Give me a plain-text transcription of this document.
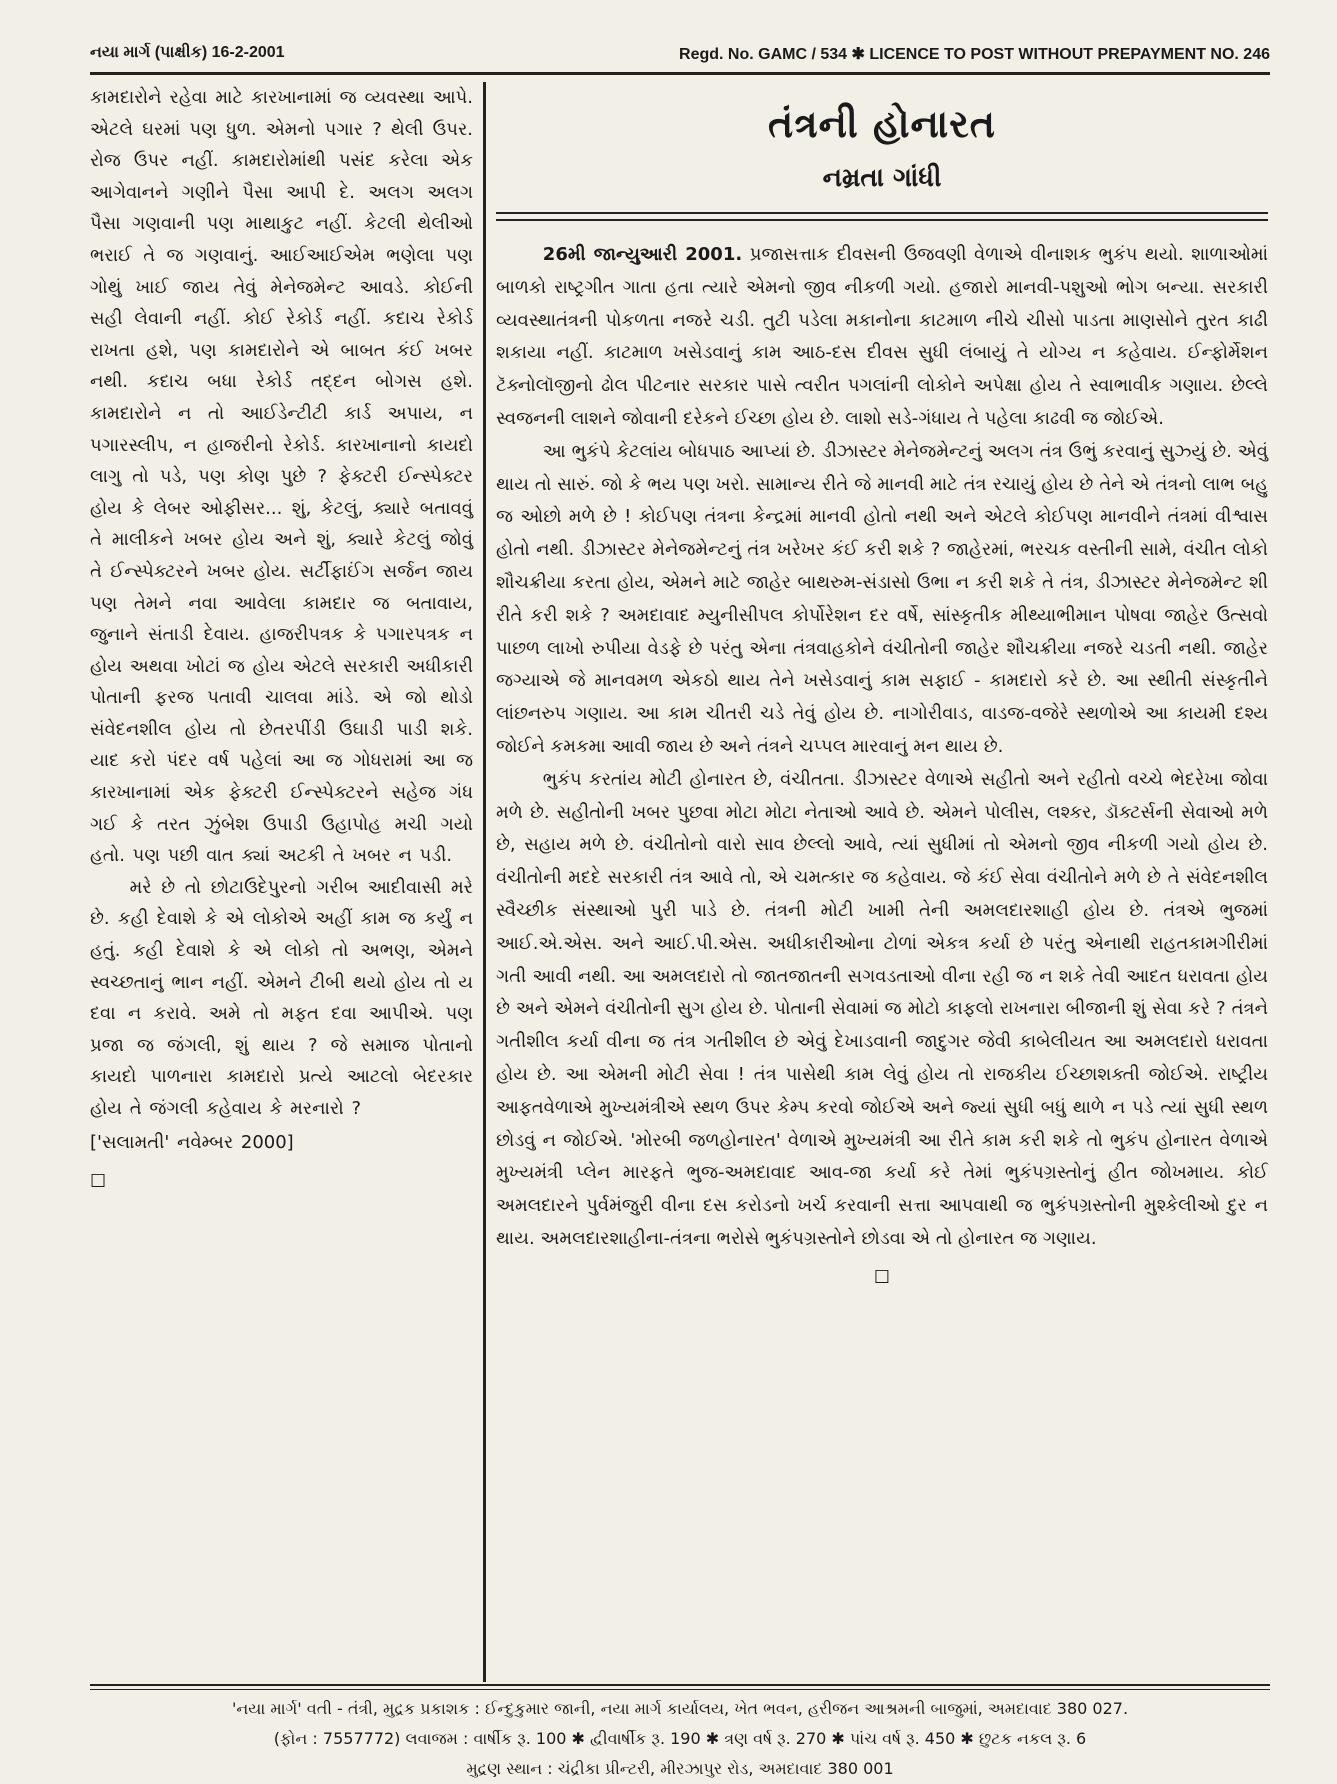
નયા માર્ગ (પાક્ષીક) 16-2-2001	Regd. No. GAMC / 534 ✱ LICENCE TO POST WITHOUT PREPAYMENT NO. 246

કામદારોને રહેવા માટે કારખાનામાં જ વ્યવસ્થા આપે. એટલે ઘરમાં પણ ધુળ. એમનો પગાર ? થેલી ઉપર. રોજ ઉપર નહીં. કામદારોમાંથી પસંદ કરેલા એક આગેવાનને ગણીને પૈસા આપી દે. અલગ અલગ પૈસા ગણવાની પણ માથાકુટ નહીં. કેટલી થેલીઓ ભરાઈ તે જ ગણવાનું. આઈઆઈએમ ભણેલા પણ ગોથું ખાઈ જાય તેવું મેનેજમેન્ટ આવડે. કોઈની સહી લેવાની નહીં. કોઈ રેકોર્ડ નહીં. કદાચ રેકોર્ડ રાખતા હશે, પણ કામદારોને એ બાબત કંઈ ખબર નથી. કદાચ બધા રેકોર્ડ તદ્દન બોગસ હશે. કામદારોને ન તો આઈડેન્ટીટી કાર્ડ અપાય, ન પગારસ્લીપ, ન હાજરીનો રેકોર્ડ. કારખાનાનો કાયદો લાગુ તો પડે, પણ કોણ પુછે ? ફેક્ટરી ઈન્સ્પેક્ટર હોય કે લેબર ઓફીસર... શું, કેટલું, ક્યારે બતાવવું તે માલીકને ખબર હોય અને શું, ક્યારે કેટલું જોવું તે ઈન્સ્પેક્ટરને ખબર હોય. સર્ટીફાઈંગ સર્જન જાય પણ તેમને નવા આવેલા કામદાર જ બતાવાય, જુનાને સંતાડી દેવાય. હાજરીપત્રક કે પગારપત્રક ન હોય અથવા ખોટાં જ હોય એટલે સરકારી અધીકારી પોતાની ફરજ પતાવી ચાલવા માંડે. એ જો થોડો સંવેદનશીલ હોય તો છેતરપીંડી ઉઘાડી પાડી શકે. યાદ કરો પંદર વર્ષ પહેલાં આ જ ગોધરામાં આ જ કારખાનામાં એક ફેક્ટરી ઈન્સ્પેક્ટરને સહેજ ગંધ ગઈ કે તરત ઝુંબેશ ઉપાડી ઉહાપોહ મચી ગયો હતો. પણ પછી વાત ક્યાં અટકી તે ખબર ન પડી.

મરે છે તો છોટાઉદેપુરનો ગરીબ આદીવાસી મરે છે. કહી દેવાશે કે એ લોકોએ અહીં કામ જ કર્યું ન હતું. કહી દેવાશે કે એ લોકો તો અભણ, એમને સ્વચ્છતાનું ભાન નહીં. એમને ટીબી થયો હોય તો ય દવા ન કરાવે. અમે તો મફત દવા આપીએ. પણ પ્રજા જ જંગલી, શું થાય ? જે સમાજ પોતાનો કાયદો પાળનારા કામદારો પ્રત્યે આટલો બેદરકાર હોય તે જંગલી કહેવાય કે મરનારો ?

['સલામતી' નવેમ્બર 2000]

☐

તંત્રની હોનારત
નમ્રતા ગાંધી

26મી જાન્યુઆરી 2001. પ્રજાસત્તાક દીવસની ઉજવણી વેળાએ વીનાશક ભુકંપ થયો. શાળાઓમાં બાળકો રાષ્ટ્રગીત ગાતા હતા ત્યારે એમનો જીવ નીકળી ગયો. હજારો માનવી-પશુઓ ભોગ બન્યા. સરકારી વ્યવસ્થાતંત્રની પોકળતા નજરે ચડી. તુટી પડેલા મકાનોના કાટમાળ નીચે ચીસો પાડતા માણસોને તુરત કાઢી શકાયા નહીં. કાટમાળ ખસેડવાનું કામ આઠ-દસ દીવસ સુધી લંબાયું તે યોગ્ય ન કહેવાય. ઈન્ફોર્મેશન ટૅક્નોલૉજીનો ઢોલ પીટનાર સરકાર પાસે ત્વરીત પગલાંની લોકોને અપેક્ષા હોય તે સ્વાભાવીક ગણાય. છેલ્લે સ્વજનની લાશને જોવાની દરેકને ઈચ્છા હોય છે. લાશો સડે-ગંધાય તે પહેલા કાઢવી જ જોઈએ.

આ ભુકંપે કેટલાંય બોધપાઠ આપ્યાં છે. ડીઝાસ્ટર મેનેજમેન્ટનું અલગ તંત્ર ઉભું કરવાનું સુઝ્યું છે. એવું થાય તો સારું. જો કે ભય પણ ખરો. સામાન્ય રીતે જે માનવી માટે તંત્ર રચાયું હોય છે તેને એ તંત્રનો લાભ બહુ જ ઓછો મળે છે ! કોઈપણ તંત્રના કેન્દ્રમાં માનવી હોતો નથી અને એટલે કોઈપણ માનવીને તંત્રમાં વીશ્વાસ હોતો નથી. ડીઝાસ્ટર મેનેજમેન્ટનું તંત્ર ખરેખર કંઈ કરી શકે ? જાહેરમાં, ભરચક વસ્તીની સામે, વંચીત લોકો શૌચક્રીયા કરતા હોય, એમને માટે જાહેર બાથરુમ-સંડાસો ઉભા ન કરી શકે તે તંત્ર, ડીઝાસ્ટર મેનેજમેન્ટ શી રીતે કરી શકે ? અમદાવાદ મ્યુનીસીપલ કોર્પોરેશન દર વર્ષે, સાંસ્કૃતીક મીથ્યાભીમાન પોષવા જાહેર ઉત્સવો પાછળ લાખો રુપીયા વેડફે છે પરંતુ એના તંત્રવાહકોને વંચીતોની જાહેર શૌચક્રીયા નજરે ચડતી નથી. જાહેર જગ્યાએ જે માનવમળ એકઠો થાય તેને ખસેડવાનું કામ સફાઈ - કામદારો કરે છે. આ સ્થીતી સંસ્કૃતીને લાંછનરુપ ગણાય. આ કામ ચીતરી ચડે તેવું હોય છે. નાગોરીવાડ, વાડજ-વજેરે સ્થળોએ આ કાયમી દશ્ય જોઈને કમકમા આવી જાય છે અને તંત્રને ચપ્પલ મારવાનું મન થાય છે.

ભુકંપ કરતાંય મોટી હોનારત છે, વંચીતતા. ડીઝાસ્ટર વેળાએ સહીતો અને રહીતો વચ્ચે ભેદરેખા જોવા મળે છે. સહીતોની ખબર પુછવા મોટા મોટા નેતાઓ આવે છે. એમને પોલીસ, લશ્કર, ડૉક્ટર્સની સેવાઓ મળે છે, સહાય મળે છે. વંચીતોનો વારો સાવ છેલ્લો આવે, ત્યાં સુધીમાં તો એમનો જીવ નીકળી ગયો હોય છે. વંચીતોની મદદે સરકારી તંત્ર આવે તો, એ ચમત્કાર જ કહેવાય. જે કંઈ સેવા વંચીતોને મળે છે તે સંવેદનશીલ સ્વૈચ્છીક સંસ્થાઓ પુરી પાડે છે. તંત્રની મોટી ખામી તેની અમલદારશાહી હોય છે. તંત્રએ ભુજમાં આઈ.એ.એસ. અને આઈ.પી.એસ. અધીકારીઓના ટોળાં એકત્ર કર્યા છે પરંતુ એનાથી રાહતકામગીરીમાં ગતી આવી નથી. આ અમલદારો તો જાતજાતની સગવડતાઓ વીના રહી જ ન શકે તેવી આદત ધરાવતા હોય છે અને એમને વંચીતોની સુગ હોય છે. પોતાની સેવામાં જ મોટો કાફલો રાખનારા બીજાની શું સેવા કરે ? તંત્રને ગતીશીલ કર્યા વીના જ તંત્ર ગતીશીલ છે એવું દેખાડવાની જાદુગર જેવી કાબેલીયત આ અમલદારો ધરાવતા હોય છે. આ એમની મોટી સેવા ! તંત્ર પાસેથી કામ લેવું હોય તો રાજકીય ઈચ્છાશક્તી જોઈએ. રાષ્ટ્રીય આફતવેળાએ મુખ્યમંત્રીએ સ્થળ ઉપર કેમ્પ કરવો જોઈએ અને જ્યાં સુધી બધું થાળે ન પડે ત્યાં સુધી સ્થળ છોડવું ન જોઈએ. 'મોરબી જળહોનારત' વેળાએ મુખ્યમંત્રી આ રીતે કામ કરી શકે તો ભુકંપ હોનારત વેળાએ મુખ્યમંત્રી પ્લેન મારફતે ભુજ-અમદાવાદ આવ-જા કર્યા કરે તેમાં ભુકંપગ્રસ્તોનું હીત જોખમાય. કોઈ અમલદારને પુર્વમંજુરી વીના દસ કરોડનો ખર્ચ કરવાની સત્તા આપવાથી જ ભુકંપગ્રસ્તોની મુશ્કેલીઓ દુર ન થાય. અમલદારશાહીના-તંત્રના ભરોસે ભુકંપગ્રસ્તોને છોડવા એ તો હોનારત જ ગણાય.

☐

'નયા માર્ગ' વતી - તંત્રી, મુદ્રક પ્રકાશક : ઈન્દુકુમાર જાની, નયા માર્ગ કાર્યાલય, ખેત ભવન, હરીજન આશ્રમની બાજુમાં, અમદાવાદ 380 027.

(ફોન : 7557772) લવાજમ : વાર્ષીક રૂ. 100 ✱ દ્વીવાર્ષીક રૂ. 190 ✱ ત્રણ વર્ષ રૂ. 270 ✱ પાંચ વર્ષ રૂ. 450 ✱ છુટક નકલ રૂ. 6

મુદ્રણ સ્થાન : ચંદ્રીકા પ્રીન્ટરી, મીરઝાપુર રોડ, અમદાવાદ 380 001
